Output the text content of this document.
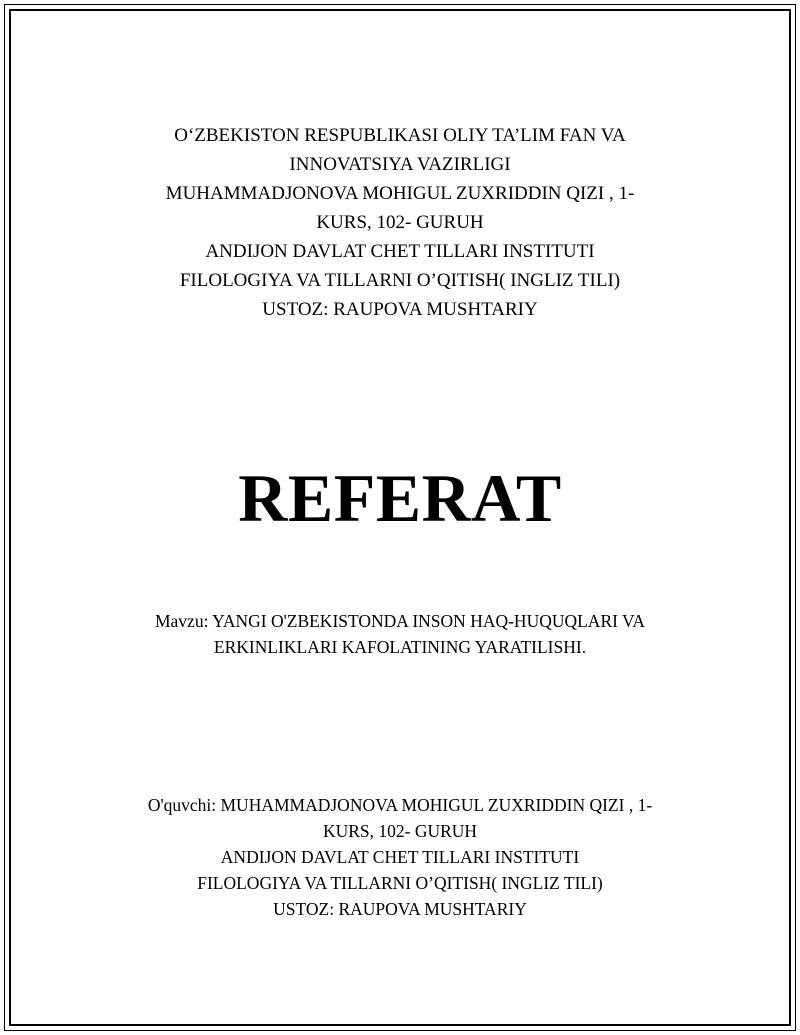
O‘ZBEKISTON RESPUBLIKASI OLIY TA’LIM FAN VA
INNOVATSIYA VAZIRLIGI
MUHAMMADJONOVA MOHIGUL ZUXRIDDIN QIZI , 1-
KURS, 102- GURUH
ANDIJON DAVLAT CHET TILLARI INSTITUTI
FILOLOGIYA VA TILLARNI O’QITISH( INGLIZ TILI)
USTOZ: RAUPOVA MUSHTARIY
REFERAT
Mavzu: YANGI O'ZBEKISTONDA INSON HAQ-HUQUQLARI VA
ERKINLIKLARI KAFOLATINING YARATILISHI.
O'quvchi: MUHAMMADJONOVA MOHIGUL ZUXRIDDIN QIZI , 1-
KURS, 102- GURUH
ANDIJON DAVLAT CHET TILLARI INSTITUTI
FILOLOGIYA VA TILLARNI O’QITISH( INGLIZ TILI)
USTOZ: RAUPOVA MUSHTARIY
